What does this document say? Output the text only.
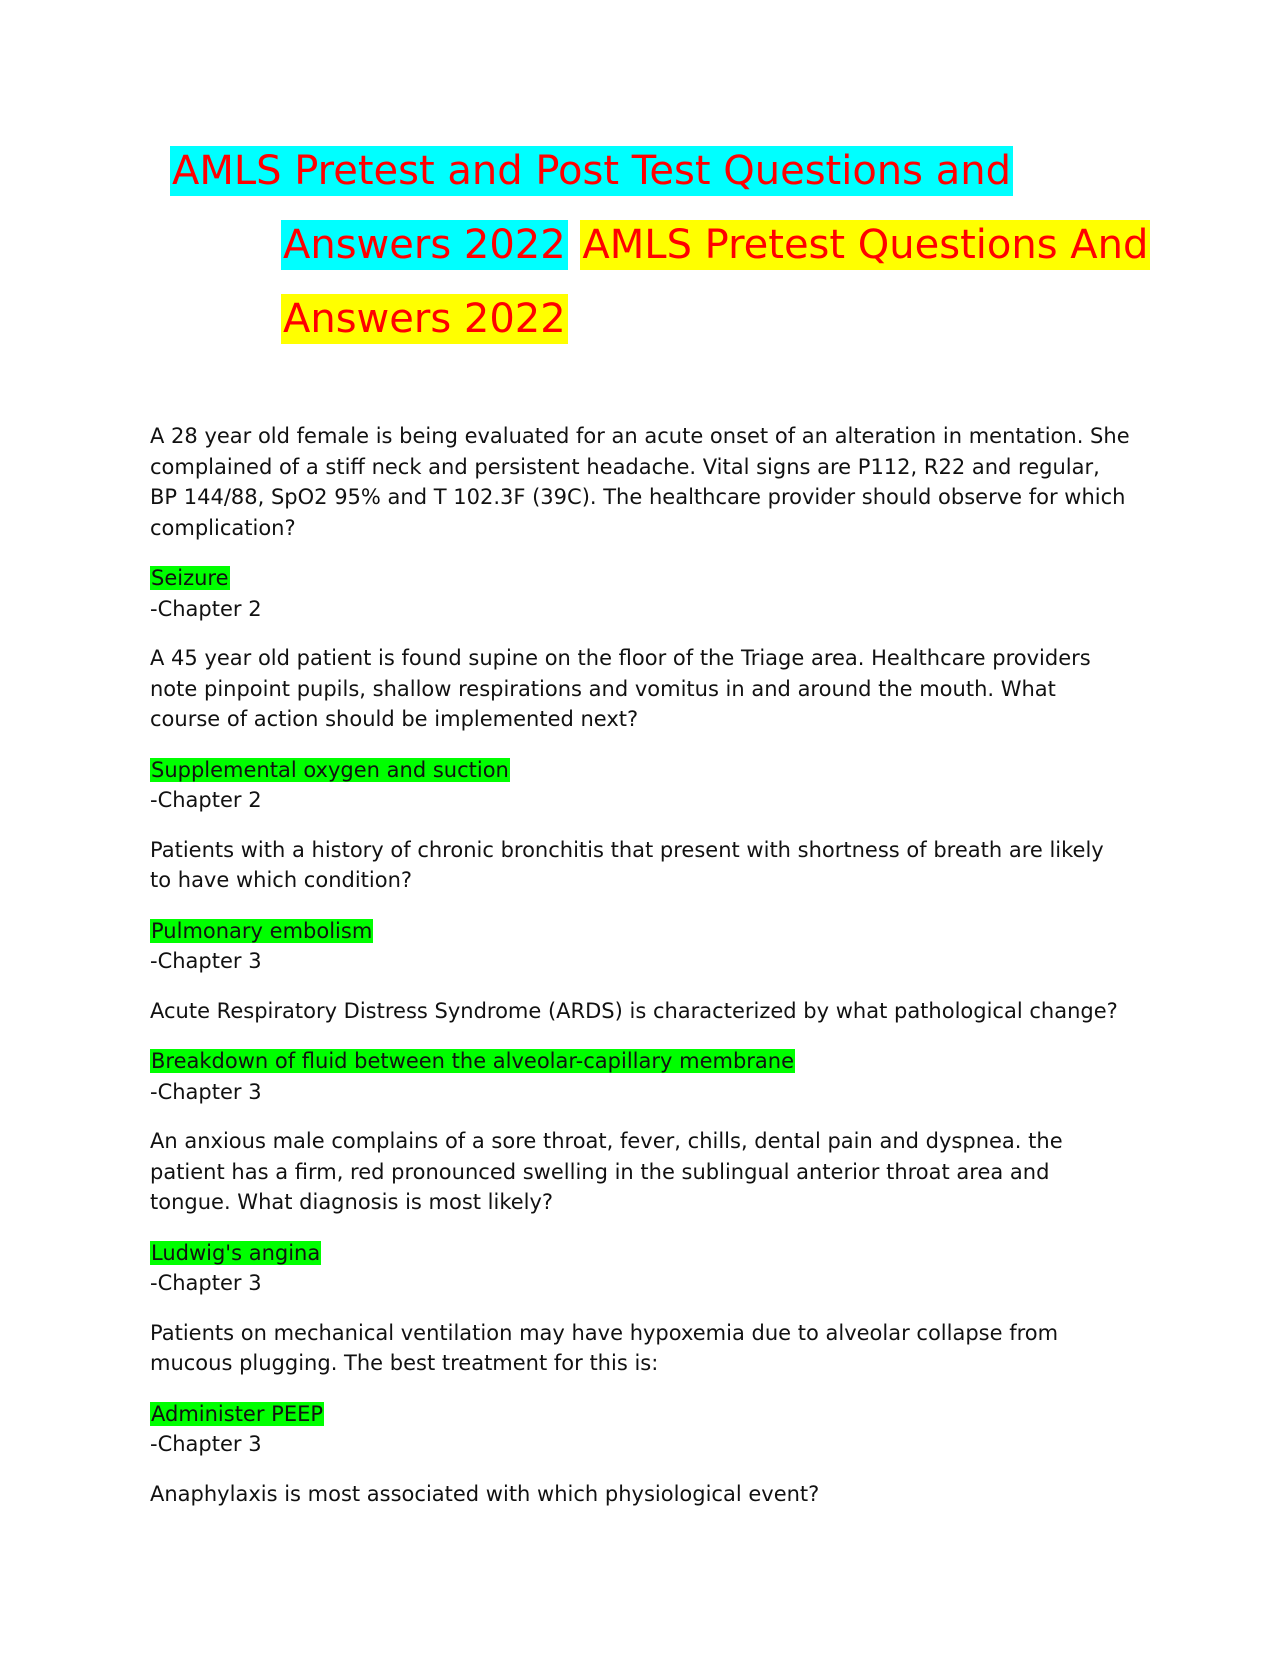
AMLS Pretest and Post Test Questions and
Answers 2022 AMLS Pretest Questions And
Answers 2022

A 28 year old female is being evaluated for an acute onset of an alteration in mentation. She complained of a stiff neck and persistent headache. Vital signs are P112, R22 and regular, BP 144/88, SpO2 95% and T 102.3F (39C). The healthcare provider should observe for which complication?

Seizure
-Chapter 2

A 45 year old patient is found supine on the floor of the Triage area. Healthcare providers note pinpoint pupils, shallow respirations and vomitus in and around the mouth. What course of action should be implemented next?

Supplemental oxygen and suction
-Chapter 2

Patients with a history of chronic bronchitis that present with shortness of breath are likely to have which condition?

Pulmonary embolism
-Chapter 3

Acute Respiratory Distress Syndrome (ARDS) is characterized by what pathological change?

Breakdown of fluid between the alveolar-capillary membrane
-Chapter 3

An anxious male complains of a sore throat, fever, chills, dental pain and dyspnea. the patient has a firm, red pronounced swelling in the sublingual anterior throat area and tongue. What diagnosis is most likely?

Ludwig's angina
-Chapter 3

Patients on mechanical ventilation may have hypoxemia due to alveolar collapse from mucous plugging. The best treatment for this is:

Administer PEEP
-Chapter 3

Anaphylaxis is most associated with which physiological event?
